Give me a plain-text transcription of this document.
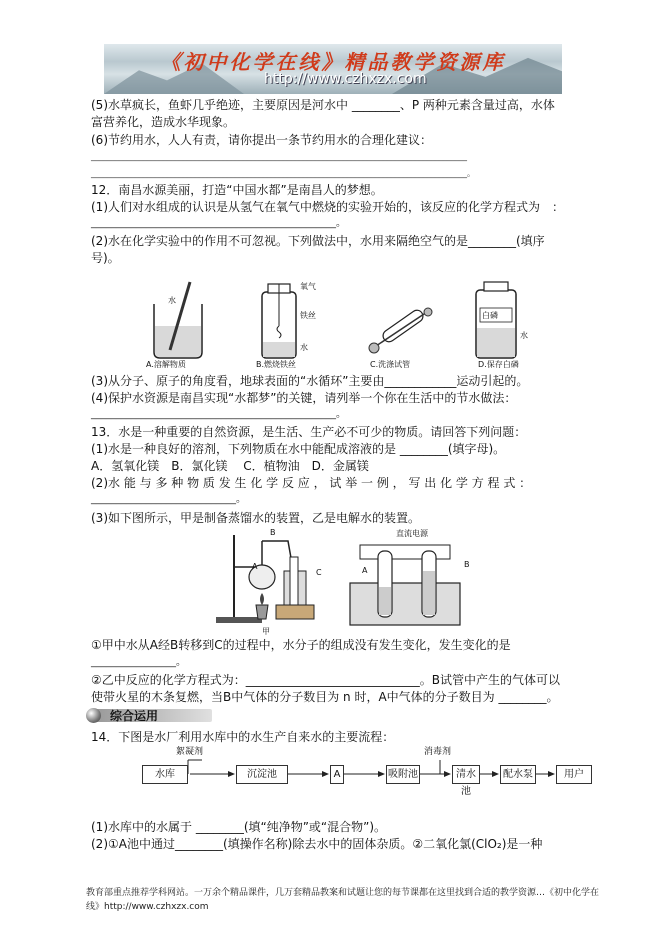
《初中化学在线》精品教学资源库
http://www.czhxzx.com
(5)水草疯长，鱼虾几乎绝迹，主要原因是河水中 ________、P 两种元素含量过高，水体
富营养化，造成水华现象。
(6)节约用水，人人有责，请你提出一条节约用水的合理化建议：
______________________________________________________________________________________________
______________________________________________________________________________________________。
12．南昌水源美丽，打造“中国水都”是南昌人的梦想。
(1)人们对水组成的认识是从氢气在氧气中燃烧的实验开始的，该反应的化学方程式为　：
_________________________________________________。
(2)水在化学实验中的作用不可忽视。下列做法中，水用来隔绝空气的是________(填序
号)。
水
氧气
铁丝
水
白磷
水
A.溶解物质	B.燃烧铁丝	C.洗涤试管	D.保存白磷
(3)从分子、原子的角度看，地球表面的“水循环”主要由____________运动引起的。
(4)保护水资源是南昌实现“水都梦”的关键，请列举一个你在生活中的节水做法：
_________________________________________________。
13．水是一种重要的自然资源，是生活、生产必不可少的物质。请回答下列问题：
(1)水是一种良好的溶剂，下列物质在水中能配成溶液的是 ________(填字母)。
A．氢氧化镁　B．氯化镁　 C．植物油　D．金属镁
(2)水 能 与 多 种 物 质 发 生 化 学 反 应 ， 试 举 一 例 ， 写 出 化 学 方 程 式 ：
_____________________________。
(3)如下图所示，甲是制备蒸馏水的装置，乙是电解水的装置。
B
A
C
甲
直流电源
A
B
①甲中水从A经B转移到C的过程中，水分子的组成没有发生变化，发生变化的是
_________________。
②乙中反应的化学方程式为：_____________________________。B试管中产生的气体可以
使带火星的木条复燃，当B中气体的分子数目为 n 时，A中气体的分子数目为 ________。
综合运用
14．下图是水厂利用水库中的水生产自来水的主要流程：
絮凝剂	消毒剂
水库	沉淀池	A	吸附池	清水池
配水泵	用户
(1)水库中的水属于 ________(填“纯净物”或“混合物”)。
(2)①A池中通过________(填操作名称)除去水中的固体杂质。②二氧化氯(ClO₂)是一种
教育部重点推荐学科网站。一万余个精品课件，几万套精品教案和试题让您的每节课都在这里找到合适的教学资源…《初中化学在线》http://www.czhxzx.com
